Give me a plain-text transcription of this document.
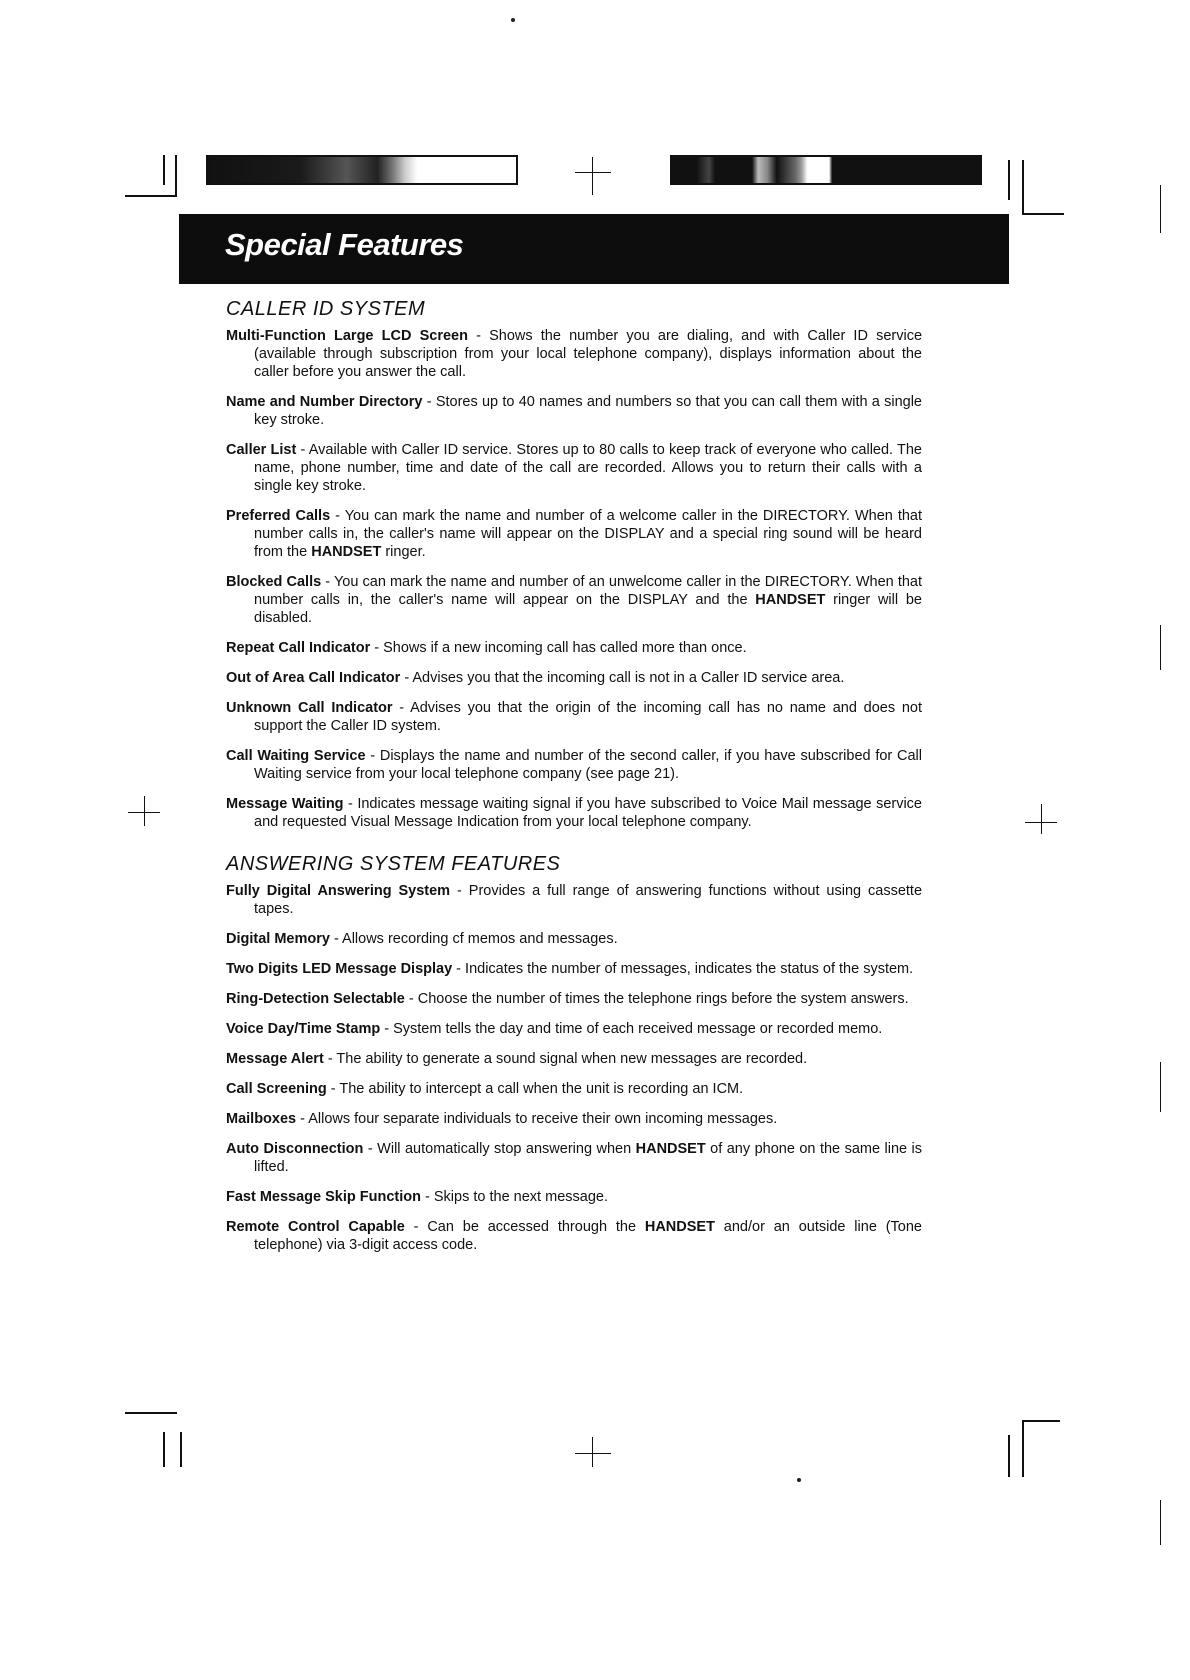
Special Features
CALLER ID SYSTEM

Multi-Function Large LCD Screen - Shows the number you are dialing, and with Caller ID service (available through subscription from your local telephone company), displays information about the caller before you answer the call.

Name and Number Directory - Stores up to 40 names and numbers so that you can call them with a single key stroke.

Caller List - Available with Caller ID service. Stores up to 80 calls to keep track of everyone who called. The name, phone number, time and date of the call are recorded. Allows you to return their calls with a single key stroke.

Preferred Calls - You can mark the name and number of a welcome caller in the DIRECTORY. When that number calls in, the caller's name will appear on the DISPLAY and a special ring sound will be heard from the HANDSET ringer.

Blocked Calls - You can mark the name and number of an unwelcome caller in the DIRECTORY. When that number calls in, the caller's name will appear on the DISPLAY and the HANDSET ringer will be disabled.

Repeat Call Indicator - Shows if a new incoming call has called more than once.

Out of Area Call Indicator - Advises you that the incoming call is not in a Caller ID service area.

Unknown Call Indicator - Advises you that the origin of the incoming call has no name and does not support the Caller ID system.

Call Waiting Service - Displays the name and number of the second caller, if you have subscribed for Call Waiting service from your local telephone company (see page 21).

Message Waiting - Indicates message waiting signal if you have subscribed to Voice Mail message service and requested Visual Message Indication from your local telephone company.

ANSWERING SYSTEM FEATURES

Fully Digital Answering System - Provides a full range of answering functions without using cassette tapes.

Digital Memory - Allows recording cf memos and messages.

Two Digits LED Message Display - Indicates the number of messages, indicates the status of the system.

Ring-Detection Selectable - Choose the number of times the telephone rings before the system answers.

Voice Day/Time Stamp - System tells the day and time of each received message or recorded memo.

Message Alert - The ability to generate a sound signal when new messages are recorded.

Call Screening - The ability to intercept a call when the unit is recording an ICM.

Mailboxes - Allows four separate individuals to receive their own incoming messages.

Auto Disconnection - Will automatically stop answering when HANDSET of any phone on the same line is lifted.

Fast Message Skip Function - Skips to the next message.

Remote Control Capable - Can be accessed through the HANDSET and/or an outside line (Tone telephone) via 3-digit access code.
